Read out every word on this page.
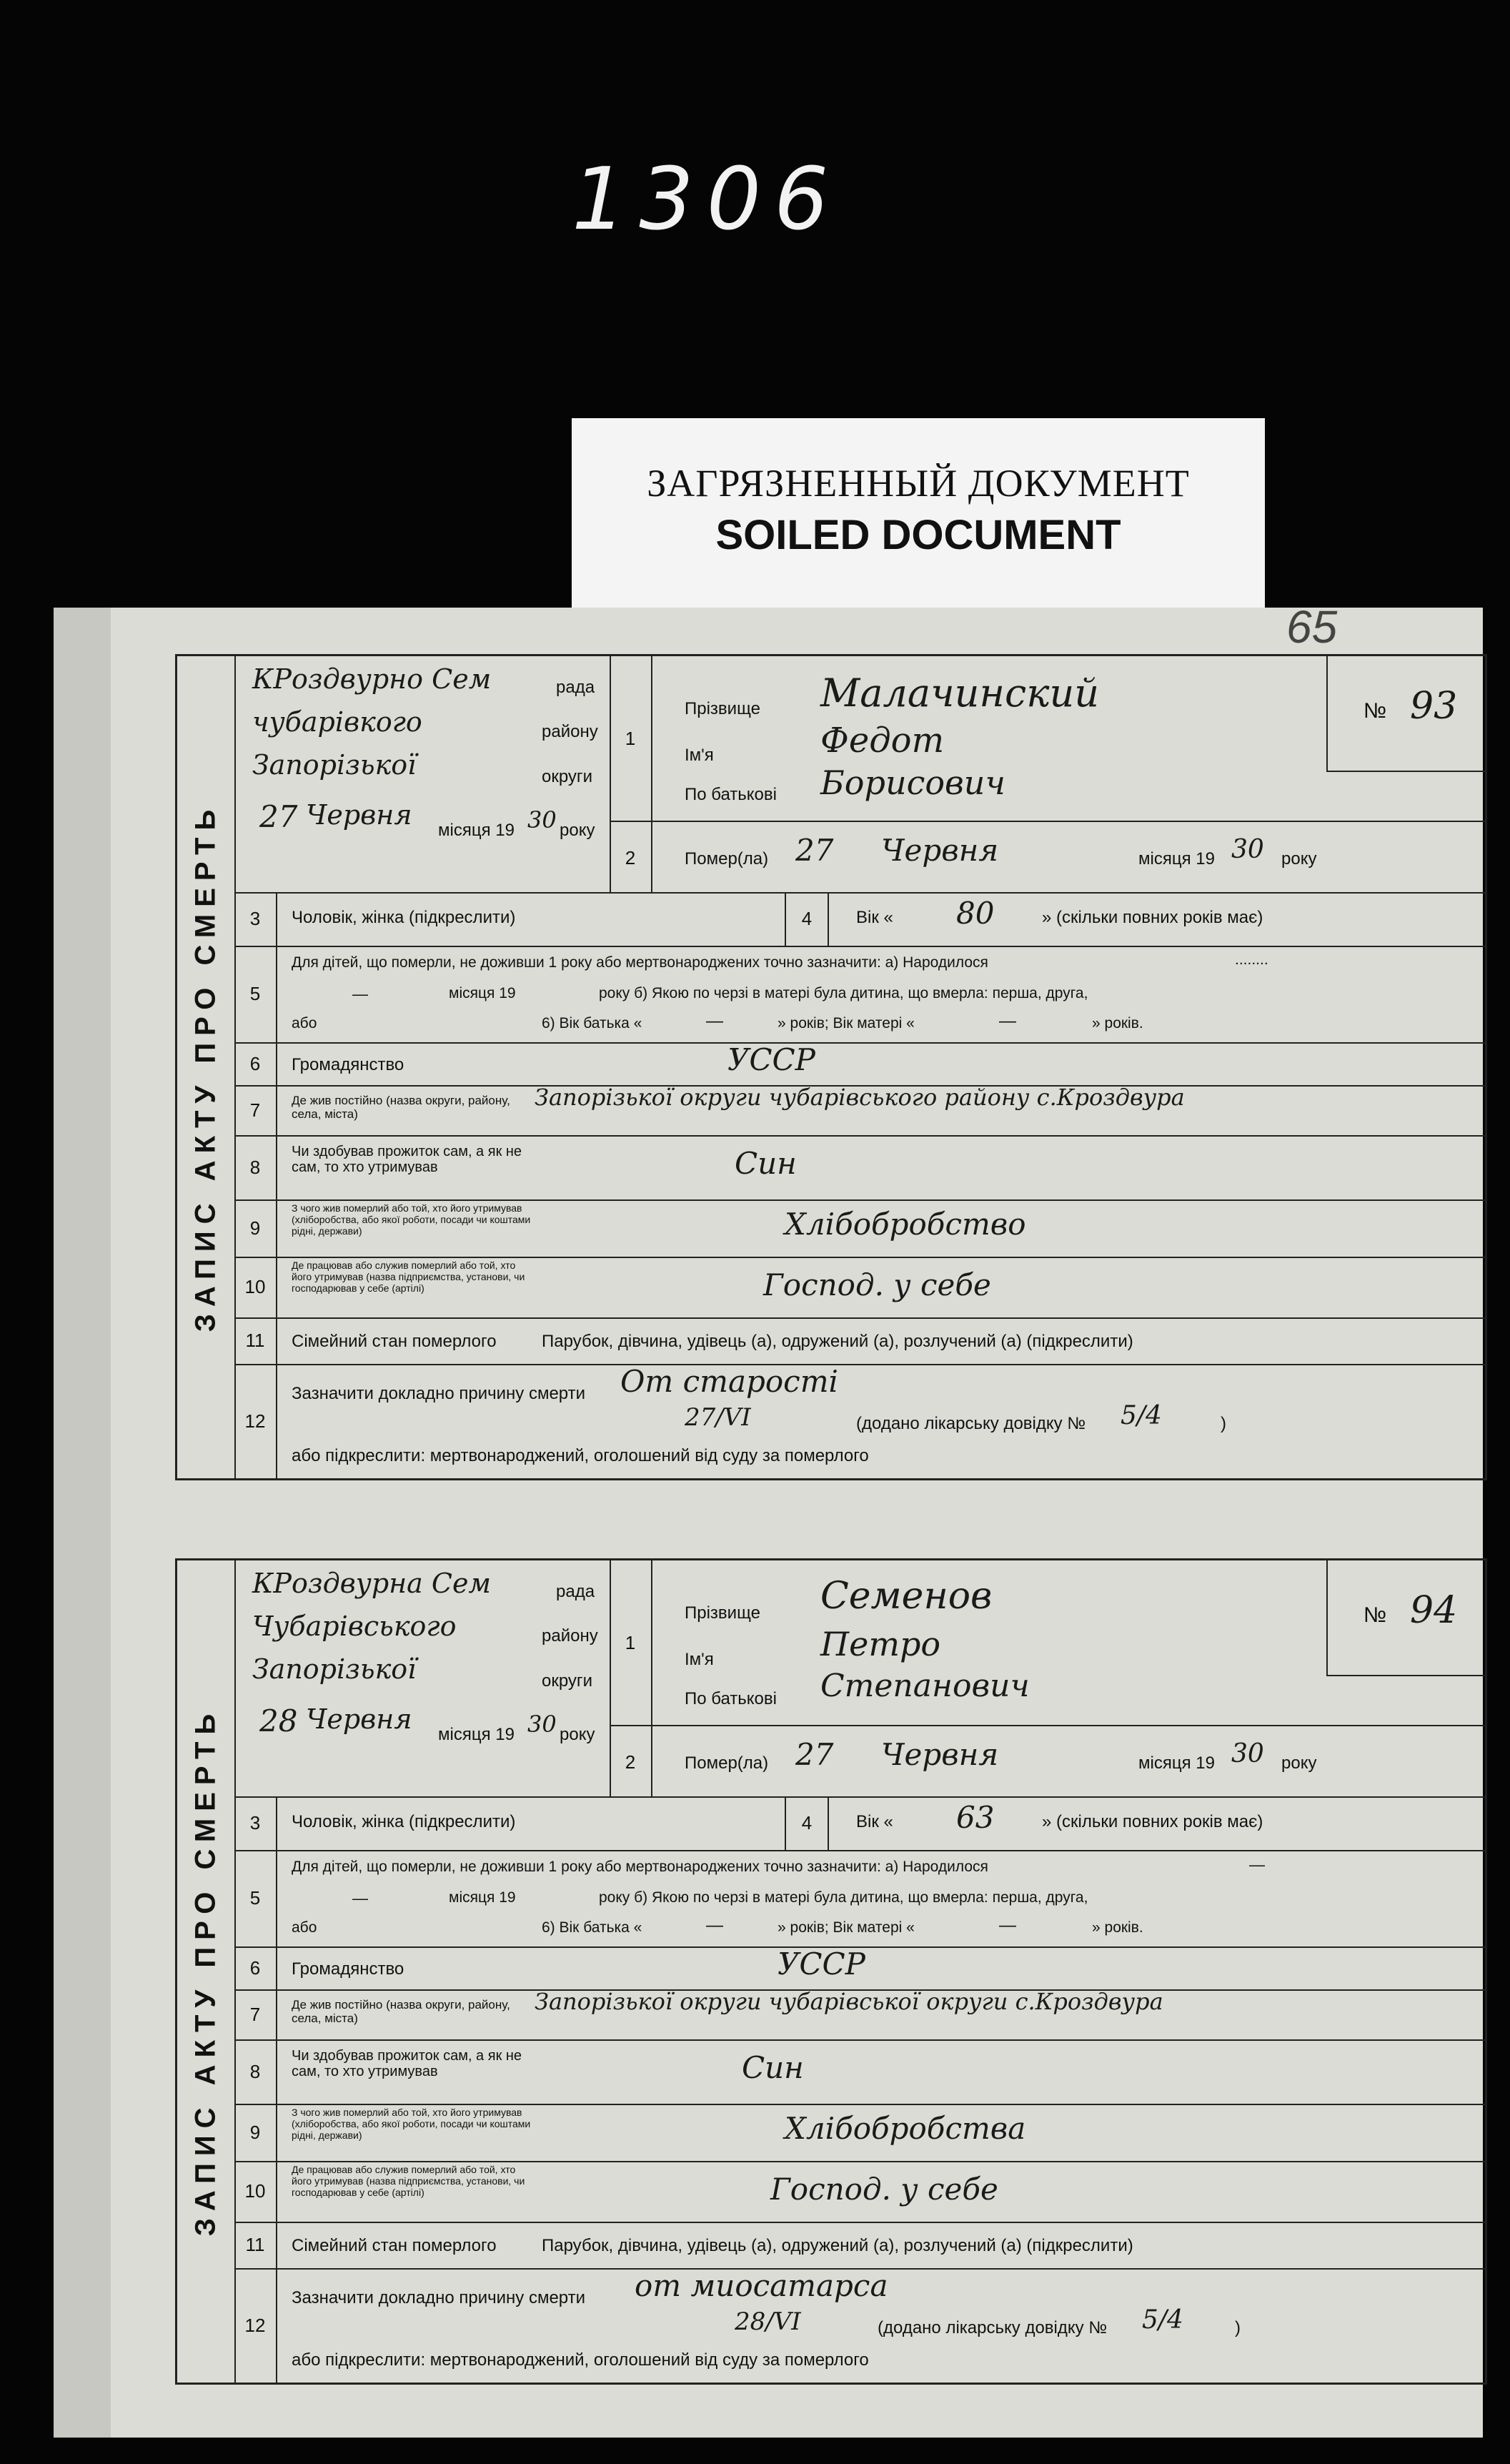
1306
ЗАГРЯЗНЕННЫЙ ДОКУМЕНТ
SOILED DOCUMENT
65
ЗАПИС АКТУ ПРО СМЕРТЬ
КРоздвурно Сем	рада
чубарівкого	району
Запорізької	округи
27 Червня місяця 19 30 року
1
Прізвище Малачинский
Ім'я	Федот
По батькові Борисович
№ 93
2	Помер(ла) 27 Червня	місяця 19 30 року
3	Чоловік, жінка (підкреслити)	4	Вік « 80	» (скільки повних років має)
5
Для дітей, що померли, не доживши 1 року або мертвонароджених точно зазначити: а) Народилося	........
—	місяця 19	року б) Якою по черзі в матері була дитина, що вмерла: перша, друга,
або	6) Вік батька «	—	» років; Вік матері «	—	» років.
6	Громадянство	УССР
7	Де жив постійно (назва округи, району, села, міста)
Запорізької округи чубарівського району с.Кроздвура
8
Чи здобував прожиток сам, а як не сам, то хто утримував	Син
9
З чого жив померлий або той, хто його утримував (хліборобства, або якої роботи, посади чи коштами рідні, держави)	Хлібобробство
10
Де працював або служив померлий або той, хто його утримував (назва підприємства, установи, чи господарював у себе (артілі)	Господ. у себе
11	Сімейний стан померлого	Парубок, дівчина, удівець (а), одружений (а), розлучений (а) (підкреслити)
12
Зазначити докладно причину смерти От старості
27/VI	(додано лікарську довідку № 5/4	)
або підкреслити: мертвонароджений, оголошений від суду за померлого
ЗАПИС АКТУ ПРО СМЕРТЬ
КРоздвурна Сем	рада
Чубарівського	району
Запорізької	округи
28 Червня місяця 19 30 року
1
Прізвище Семенов
Ім'я	Петро
По батькові Степанович
№ 94
2	Помер(ла) 27 Червня	місяця 19 30 року
3	Чоловік, жінка (підкреслити)	4	Вік « 63	» (скільки повних років має)
5
Для дітей, що померли, не доживши 1 року або мертвонароджених точно зазначити: а) Народилося	—
—	місяця 19	року б) Якою по черзі в матері була дитина, що вмерла: перша, друга,
або	6) Вік батька «	—	» років; Вік матері «	—	» років.
6	Громадянство	УССР
7	Де жив постійно (назва округи, району, села, міста)
Запорізької округи чубарівської округи с.Кроздвура
8
Чи здобував прожиток сам, а як не сам, то хто утримував	Син
9
З чого жив померлий або той, хто його утримував (хліборобства, або якої роботи, посади чи коштами рідні, держави)	Хлібобробства
10
Де працював або служив померлий або той, хто його утримував (назва підприємства, установи, чи господарював у себе (артілі)	Господ. у себе
11	Сімейний стан померлого	Парубок, дівчина, удівець (а), одружений (а), розлучений (а) (підкреслити)
12
Зазначити докладно причину смерти от миосатарса
28/VI	(додано лікарську довідку № 5/4	)
або підкреслити: мертвонароджений, оголошений від суду за померлого
